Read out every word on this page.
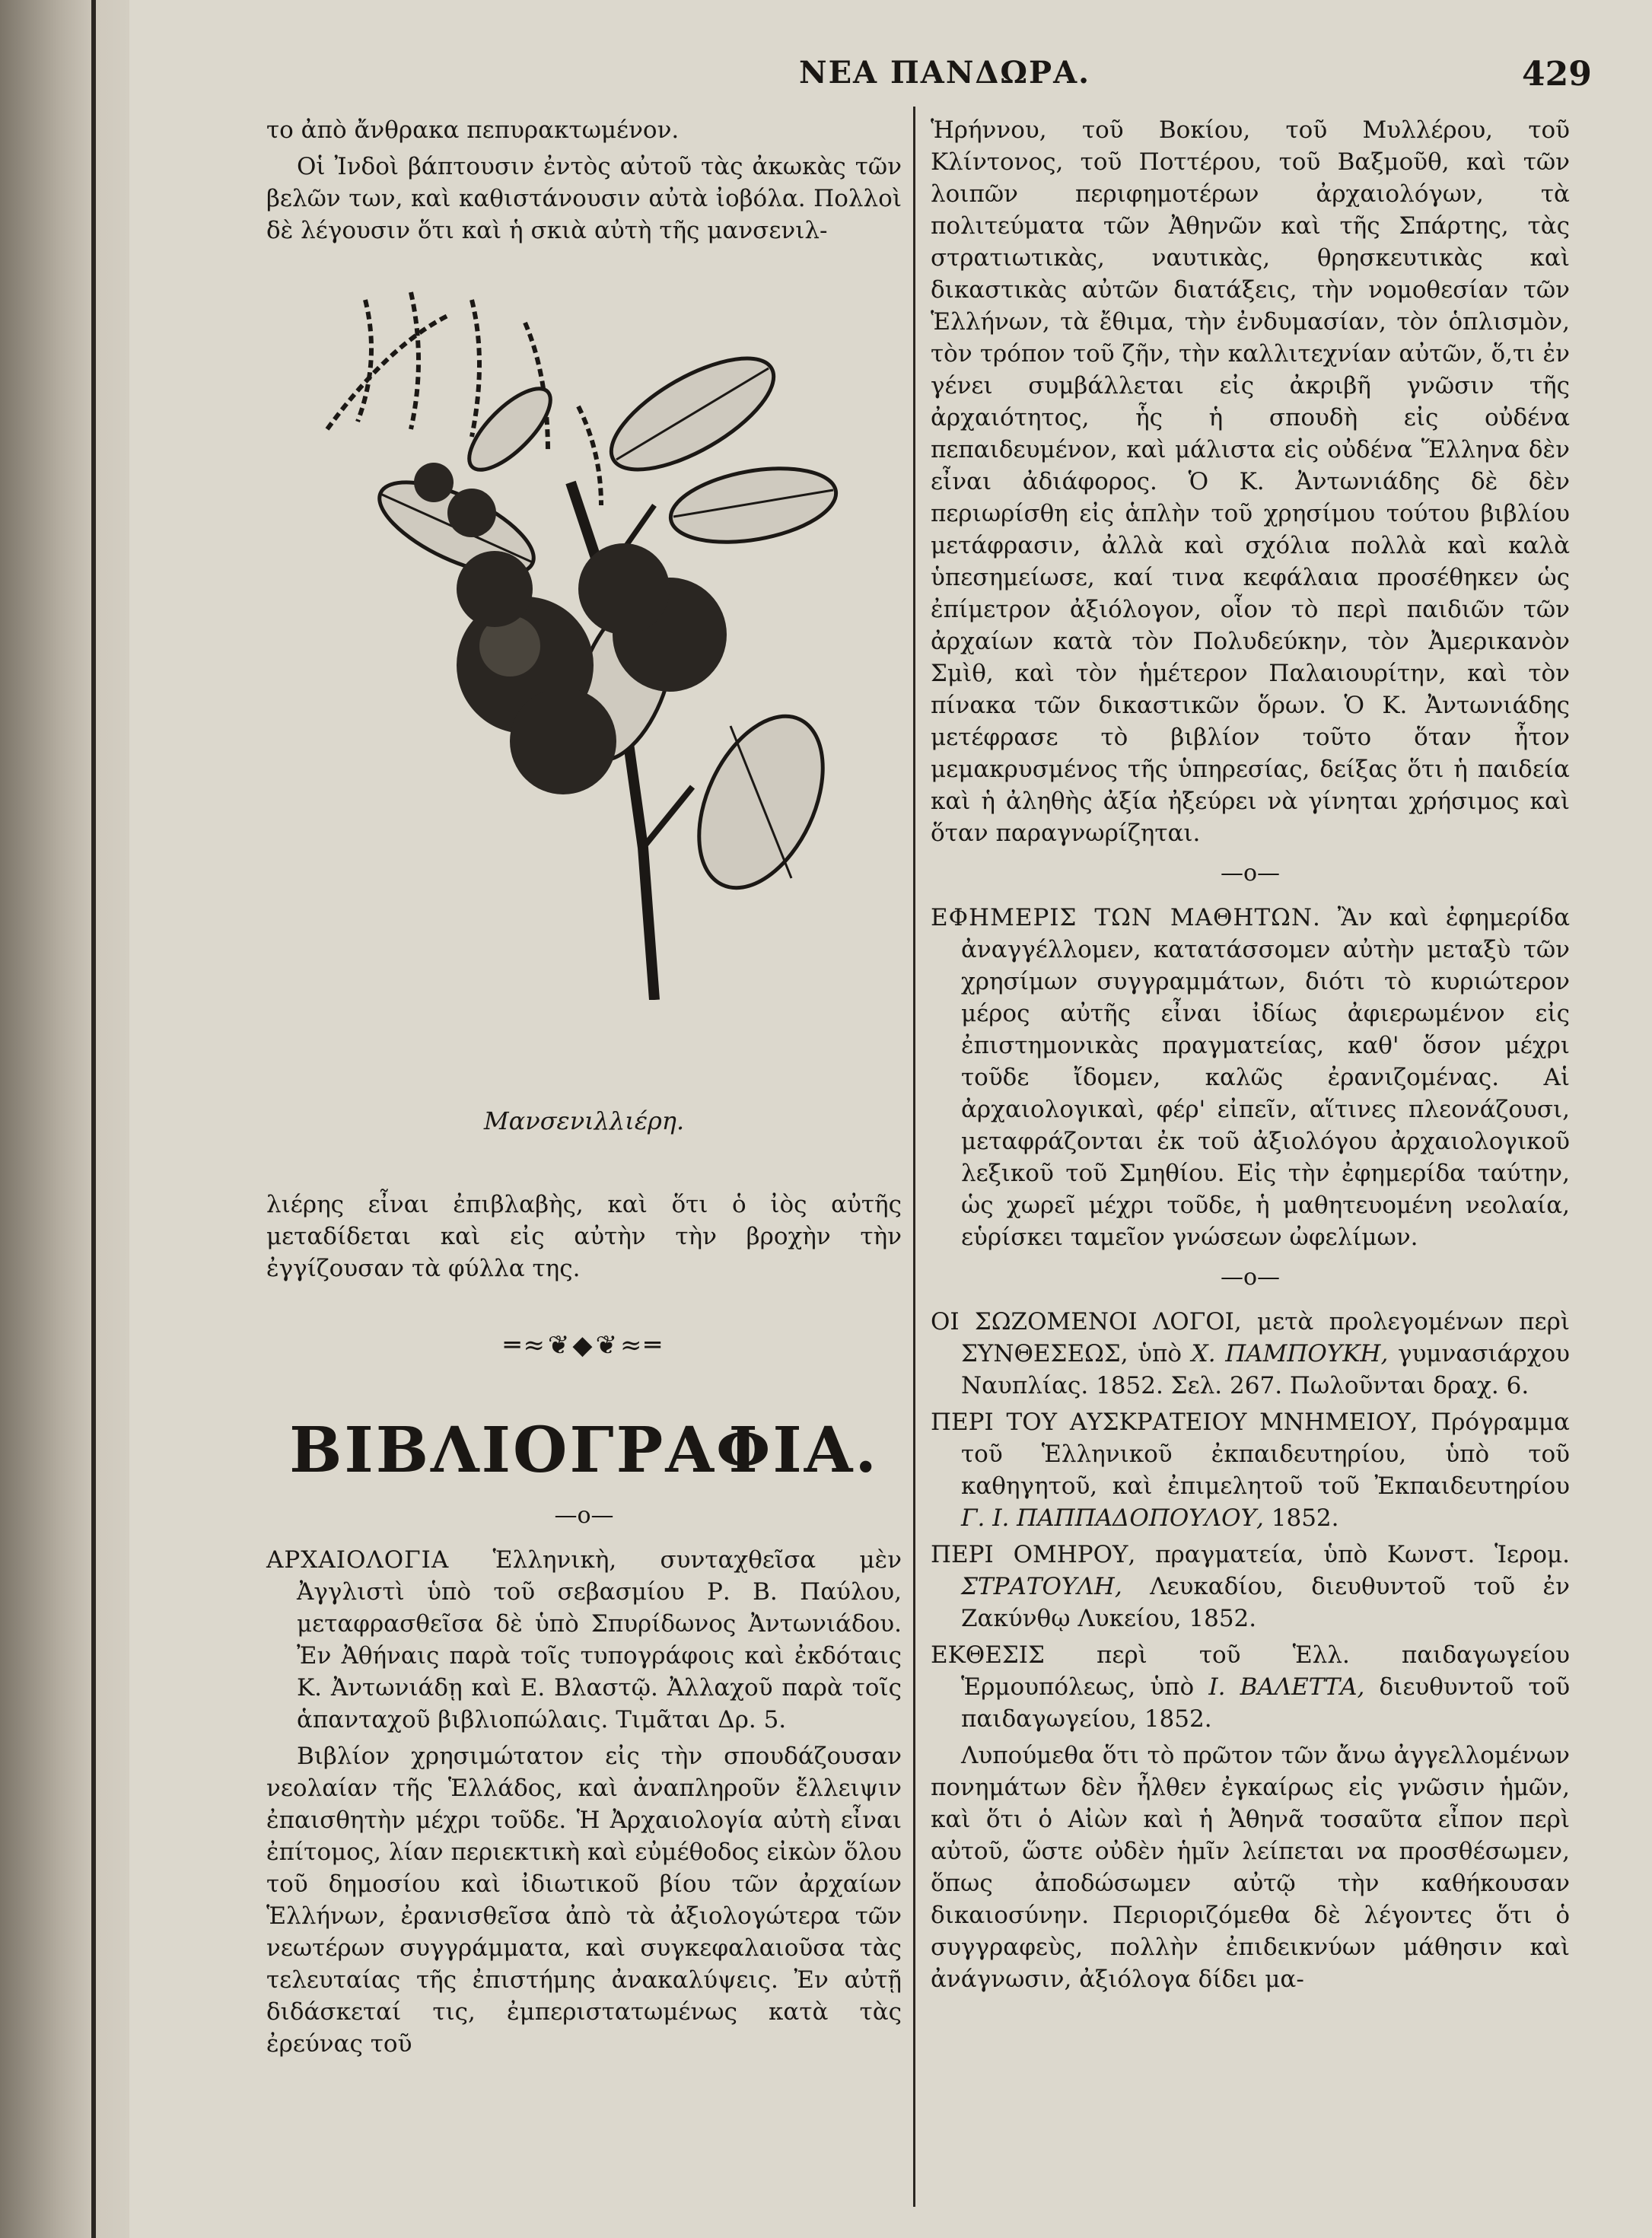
ΝΕΑ ΠΑΝΔΩΡΑ.	429

το ἀπὸ ἄνθρακα πεπυρακτωμένον.

Οἱ Ἰνδοὶ βάπτουσιν ἐντὸς αὐτοῦ τὰς ἀκωκὰς τῶν βελῶν των, καὶ καθιστάνουσιν αὐτὰ ἰοβόλα. Πολλοὶ δὲ λέγουσιν ὅτι καὶ ἡ σκιὰ αὐτὴ τῆς μανσενιλ-

Μανσενιλλιέρη.

λιέρης εἶναι ἐπιβλαβὴς, καὶ ὅτι ὁ ἰὸς αὐτῆς μεταδίδεται καὶ εἰς αὐτὴν τὴν βροχὴν τὴν ἐγγίζουσαν τὰ φύλλα της.

═≈❦◆❦≈═
ΒΙΒΛΙΟΓΡΑΦΙΑ.
—ο—

ΑΡΧΑΙΟΛΟΓΙΑ Ἑλληνικὴ, συνταχθεῖσα μὲν Ἀγγλιστὶ ὑπὸ τοῦ σεβασμίου Ρ. Β. Παύλου, μεταφρασθεῖσα δὲ ὑπὸ Σπυρίδωνος Ἀντωνιάδου. Ἐν Ἀθήναις παρὰ τοῖς τυπογράφοις καὶ ἐκδόταις Κ. Ἀντωνιάδῃ καὶ Ε. Βλαστῷ. Ἀλλαχοῦ παρὰ τοῖς ἁπανταχοῦ βιβλιοπώλαις. Τιμᾶται Δρ. 5.

Βιβλίον χρησιμώτατον εἰς τὴν σπουδάζουσαν νεολαίαν τῆς Ἑλλάδος, καὶ ἀναπληροῦν ἔλλειψιν ἐπαισθητὴν μέχρι τοῦδε. Ἡ Ἀρχαιολογία αὐτὴ εἶναι ἐπίτομος, λίαν περιεκτικὴ καὶ εὐμέθοδος εἰκὼν ὅλου τοῦ δημοσίου καὶ ἰδιωτικοῦ βίου τῶν ἀρχαίων Ἑλλήνων, ἐρανισθεῖσα ἀπὸ τὰ ἀξιολογώτερα τῶν νεωτέρων συγγράμματα, καὶ συγκεφαλαιοῦσα τὰς τελευταίας τῆς ἐπιστήμης ἀνακαλύψεις. Ἐν αὐτῇ διδάσκεταί τις, ἐμπεριστατωμένως κατὰ τὰς ἐρεύνας τοῦ

Ἡρήννου, τοῦ Βοκίου, τοῦ Μυλλέρου, τοῦ Κλίντονος, τοῦ Ποττέρου, τοῦ Βαξμοῦθ, καὶ τῶν λοιπῶν περιφημοτέρων ἀρχαιολόγων, τὰ πολιτεύματα τῶν Ἀθηνῶν καὶ τῆς Σπάρτης, τὰς στρατιωτικὰς, ναυτικὰς, θρησκευτικὰς καὶ δικαστικὰς αὐτῶν διατάξεις, τὴν νομοθεσίαν τῶν Ἑλλήνων, τὰ ἔθιμα, τὴν ἐνδυμασίαν, τὸν ὁπλισμὸν, τὸν τρόπον τοῦ ζῆν, τὴν καλλιτεχνίαν αὐτῶν, ὅ,τι ἐν γένει συμβάλλεται εἰς ἀκριβῆ γνῶσιν τῆς ἀρχαιότητος, ἧς ἡ σπουδὴ εἰς οὐδένα πεπαιδευμένον, καὶ μάλιστα εἰς οὐδένα Ἕλληνα δὲν εἶναι ἀδιάφορος. Ὁ Κ. Ἀντωνιάδης δὲ δὲν περιωρίσθη εἰς ἁπλὴν τοῦ χρησίμου τούτου βιβλίου μετάφρασιν, ἀλλὰ καὶ σχόλια πολλὰ καὶ καλὰ ὑπεσημείωσε, καί τινα κεφάλαια προσέθηκεν ὡς ἐπίμετρον ἀξιόλογον, οἷον τὸ περὶ παιδιῶν τῶν ἀρχαίων κατὰ τὸν Πολυδεύκην, τὸν Ἀμερικανὸν Σμὶθ, καὶ τὸν ἡμέτερον Παλαιουρίτην, καὶ τὸν πίνακα τῶν δικαστικῶν ὅρων. Ὁ Κ. Ἀντωνιάδης μετέφρασε τὸ βιβλίον τοῦτο ὅταν ἦτον μεμακρυσμένος τῆς ὑπηρεσίας, δείξας ὅτι ἡ παιδεία καὶ ἡ ἀληθὴς ἀξία ἠξεύρει νὰ γίνηται χρήσιμος καὶ ὅταν παραγνωρίζηται.

—ο—

ΕΦΗΜΕΡΙΣ ΤΩΝ ΜΑΘΗΤΩΝ. Ἂν καὶ ἐφημερίδα ἀναγγέλλομεν, κατατάσσομεν αὐτὴν μεταξὺ τῶν χρησίμων συγγραμμάτων, διότι τὸ κυριώτερον μέρος αὐτῆς εἶναι ἰδίως ἀφιερωμένον εἰς ἐπιστημονικὰς πραγματείας, καθ' ὅσον μέχρι τοῦδε ἴδομεν, καλῶς ἐρανιζομένας. Αἱ ἀρχαιολογικαὶ, φέρ' εἰπεῖν, αἵτινες πλεονάζουσι, μεταφράζονται ἐκ τοῦ ἀξιολόγου ἀρχαιολογικοῦ λεξικοῦ τοῦ Σμηθίου. Εἰς τὴν ἐφημερίδα ταύτην, ὡς χωρεῖ μέχρι τοῦδε, ἡ μαθητευομένη νεολαία, εὑρίσκει ταμεῖον γνώσεων ὠφελίμων.

—ο—

ΟΙ ΣΩΖΟΜΕΝΟΙ ΛΟΓΟΙ, μετὰ προλεγομένων περὶ ΣΥΝΘΕΣΕΩΣ, ὑπὸ Χ. ΠΑΜΠΟΥΚΗ, γυμνασιάρχου Ναυπλίας. 1852. Σελ. 267. Πωλοῦνται δραχ. 6.

ΠΕΡΙ ΤΟΥ ΑΥΣΚΡΑΤΕΙΟΥ ΜΝΗΜΕΙΟΥ, Πρόγραμμα τοῦ Ἑλληνικοῦ ἐκπαιδευτηρίου, ὑπὸ τοῦ καθηγητοῦ, καὶ ἐπιμελητοῦ τοῦ Ἐκπαιδευτηρίου Γ. Ι. ΠΑΠΠΑΔΟΠΟΥΛΟΥ, 1852.

ΠΕΡΙ ΟΜΗΡΟΥ, πραγματεία, ὑπὸ Κωνστ. Ἱερομ. ΣΤΡΑΤΟΥΛΗ, Λευκαδίου, διευθυντοῦ τοῦ ἐν Ζακύνθῳ Λυκείου, 1852.

ΕΚΘΕΣΙΣ περὶ τοῦ Ἑλλ. παιδαγωγείου Ἑρμουπόλεως, ὑπὸ Ι. ΒΑΛΕΤΤΑ, διευθυντοῦ τοῦ παιδαγωγείου, 1852.

Λυπούμεθα ὅτι τὸ πρῶτον τῶν ἄνω ἀγγελλομένων πονημάτων δὲν ἦλθεν ἐγκαίρως εἰς γνῶσιν ἡμῶν, καὶ ὅτι ὁ Αἰὼν καὶ ἡ Ἀθηνᾶ τοσαῦτα εἶπον περὶ αὐτοῦ, ὥστε οὐδὲν ἡμῖν λείπεται να προσθέσωμεν, ὅπως ἀποδώσωμεν αὐτῷ τὴν καθήκουσαν δικαιοσύνην. Περιοριζόμεθα δὲ λέγοντες ὅτι ὁ συγγραφεὺς, πολλὴν ἐπιδεικνύων μάθησιν καὶ ἀνάγνωσιν, ἀξιόλογα δίδει μα-
